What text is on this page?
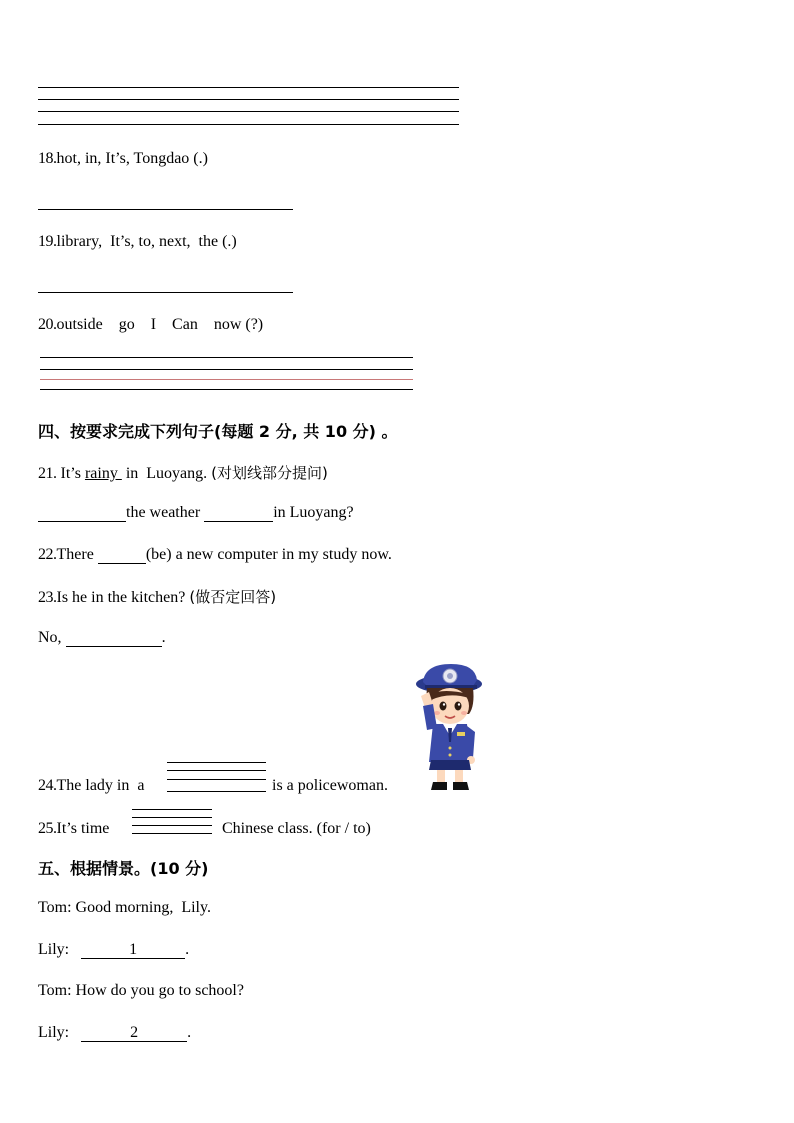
18.hot, in, It’s, Tongdao (.)
19.library,  It’s, to, next,  the (.)
20.outside    go    I    Can    now (?)
四、按要求完成下列句子(每题 2 分, 共 10 分) 。
21. It’s rainy  in  Luoyang. (对划线部分提问)
the weather	in Luoyang?
22.There	(be) a new computer in my study now.
23.Is he in the kitchen? (做否定回答)
No,	.
24.The lady in  a	is a policewoman.
25.It’s time	Chinese class. (for / to)
五、根据情景。(10 分)
Tom: Good morning,  Lily.
Lily:	1	.
Tom: How do you go to school?
Lily:	2	.
